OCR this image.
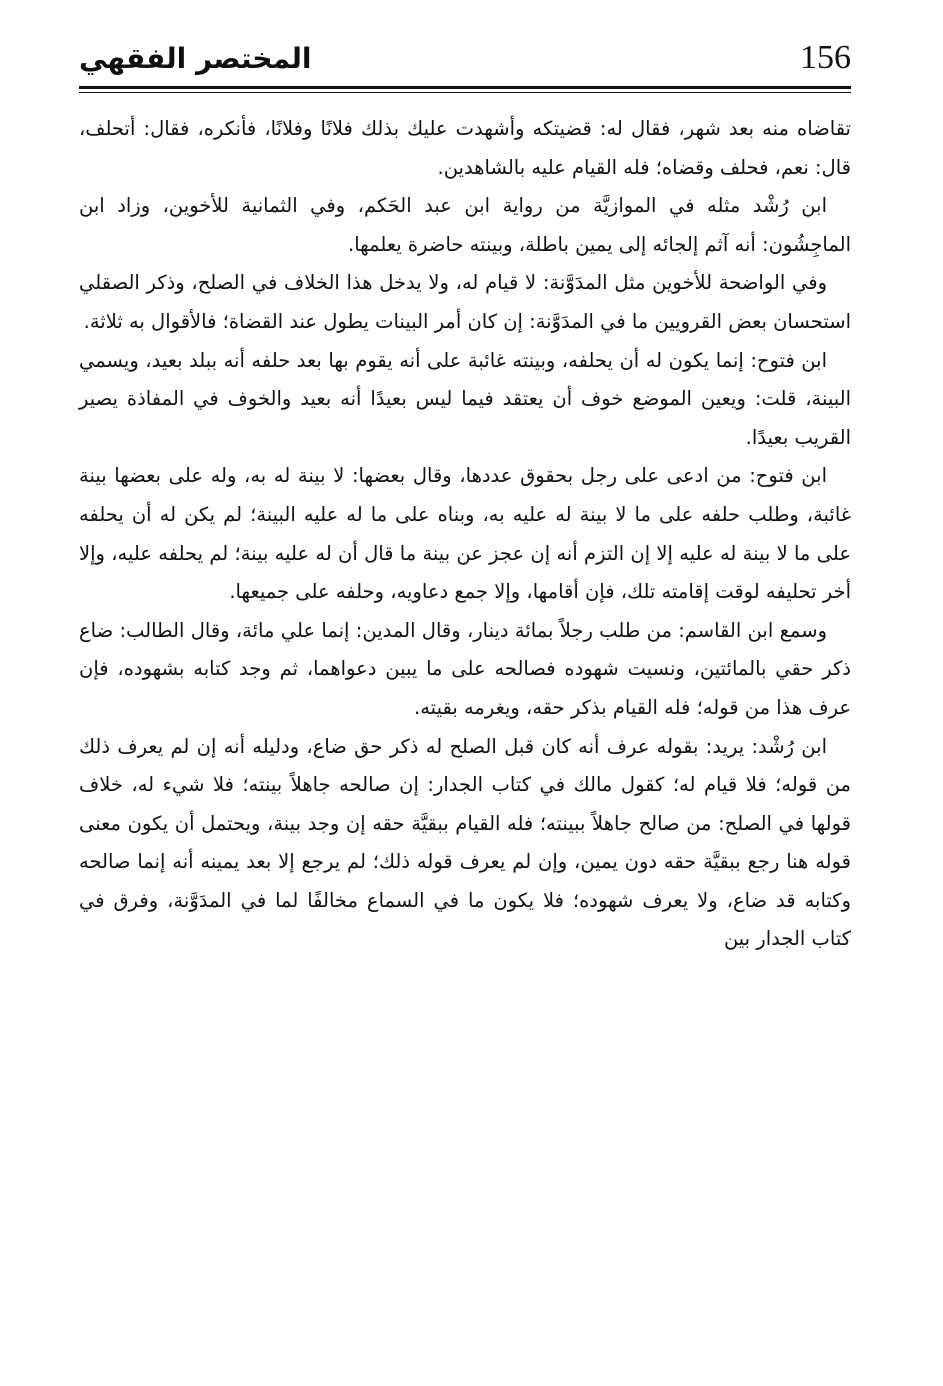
156
المختصر الفقهي

تقاضاه منه بعد شهر، فقال له: قضيتكه وأشهدت عليك بذلك فلانًا وفلانًا، فأنكره، فقال: أتحلف، قال: نعم، فحلف وقضاه؛ فله القيام عليه بالشاهدين.

ابن رُشْد مثله في الموازيَّة من رواية ابن عبد الحَكم، وفي الثمانية للأخوين، وزاد ابن الماجِشُون: أنه آثم إلجائه إلى يمين باطلة، وبينته حاضرة يعلمها.

وفي الواضحة للأخوين مثل المدَوَّنة: لا قيام له، ولا يدخل هذا الخلاف في الصلح، وذكر الصقلي استحسان بعض القرويين ما في المدَوَّنة: إن كان أمر البينات يطول عند القضاة؛ فالأقوال به ثلاثة.

ابن فتوح: إنما يكون له أن يحلفه، وبينته غائبة على أنه يقوم بها بعد حلفه أنه ببلد بعيد، ويسمي البينة، قلت: ويعين الموضع خوف أن يعتقد فيما ليس بعيدًا أنه بعيد والخوف في المفاذة يصير القريب بعيدًا.

ابن فتوح: من ادعى على رجل بحقوق عددها، وقال بعضها: لا بينة له به، وله على بعضها بينة غائبة، وطلب حلفه على ما لا بينة له عليه به، وبناه على ما له عليه البينة؛ لم يكن له أن يحلفه على ما لا بينة له عليه إلا إن التزم أنه إن عجز عن بينة ما قال أن له عليه بينة؛ لم يحلفه عليه، وإلا أخر تحليفه لوقت إقامته تلك، فإن أقامها، وإلا جمع دعاويه، وحلفه على جميعها.

وسمع ابن القاسم: من طلب رجلاً بمائة دينار، وقال المدين: إنما علي مائة، وقال الطالب: ضاع ذكر حقي بالمائتين، ونسيت شهوده فصالحه على ما يبين دعواهما، ثم وجد كتابه بشهوده، فإن عرف هذا من قوله؛ فله القيام بذكر حقه، ويغرمه بقيته.

ابن رُشْد: يريد: بقوله عرف أنه كان قبل الصلح له ذكر حق ضاع، ودليله أنه إن لم يعرف ذلك من قوله؛ فلا قيام له؛ كقول مالك في كتاب الجدار: إن صالحه جاهلاً بينته؛ فلا شيء له، خلاف قولها في الصلح: من صالح جاهلاً ببينته؛ فله القيام ببقيَّة حقه إن وجد بينة، ويحتمل أن يكون معنى قوله هنا رجع ببقيَّة حقه دون يمين، وإن لم يعرف قوله ذلك؛ لم يرجع إلا بعد يمينه أنه إنما صالحه وكتابه قد ضاع، ولا يعرف شهوده؛ فلا يكون ما في السماع مخالفًا لما في المدَوَّنة، وفرق في كتاب الجدار بين
